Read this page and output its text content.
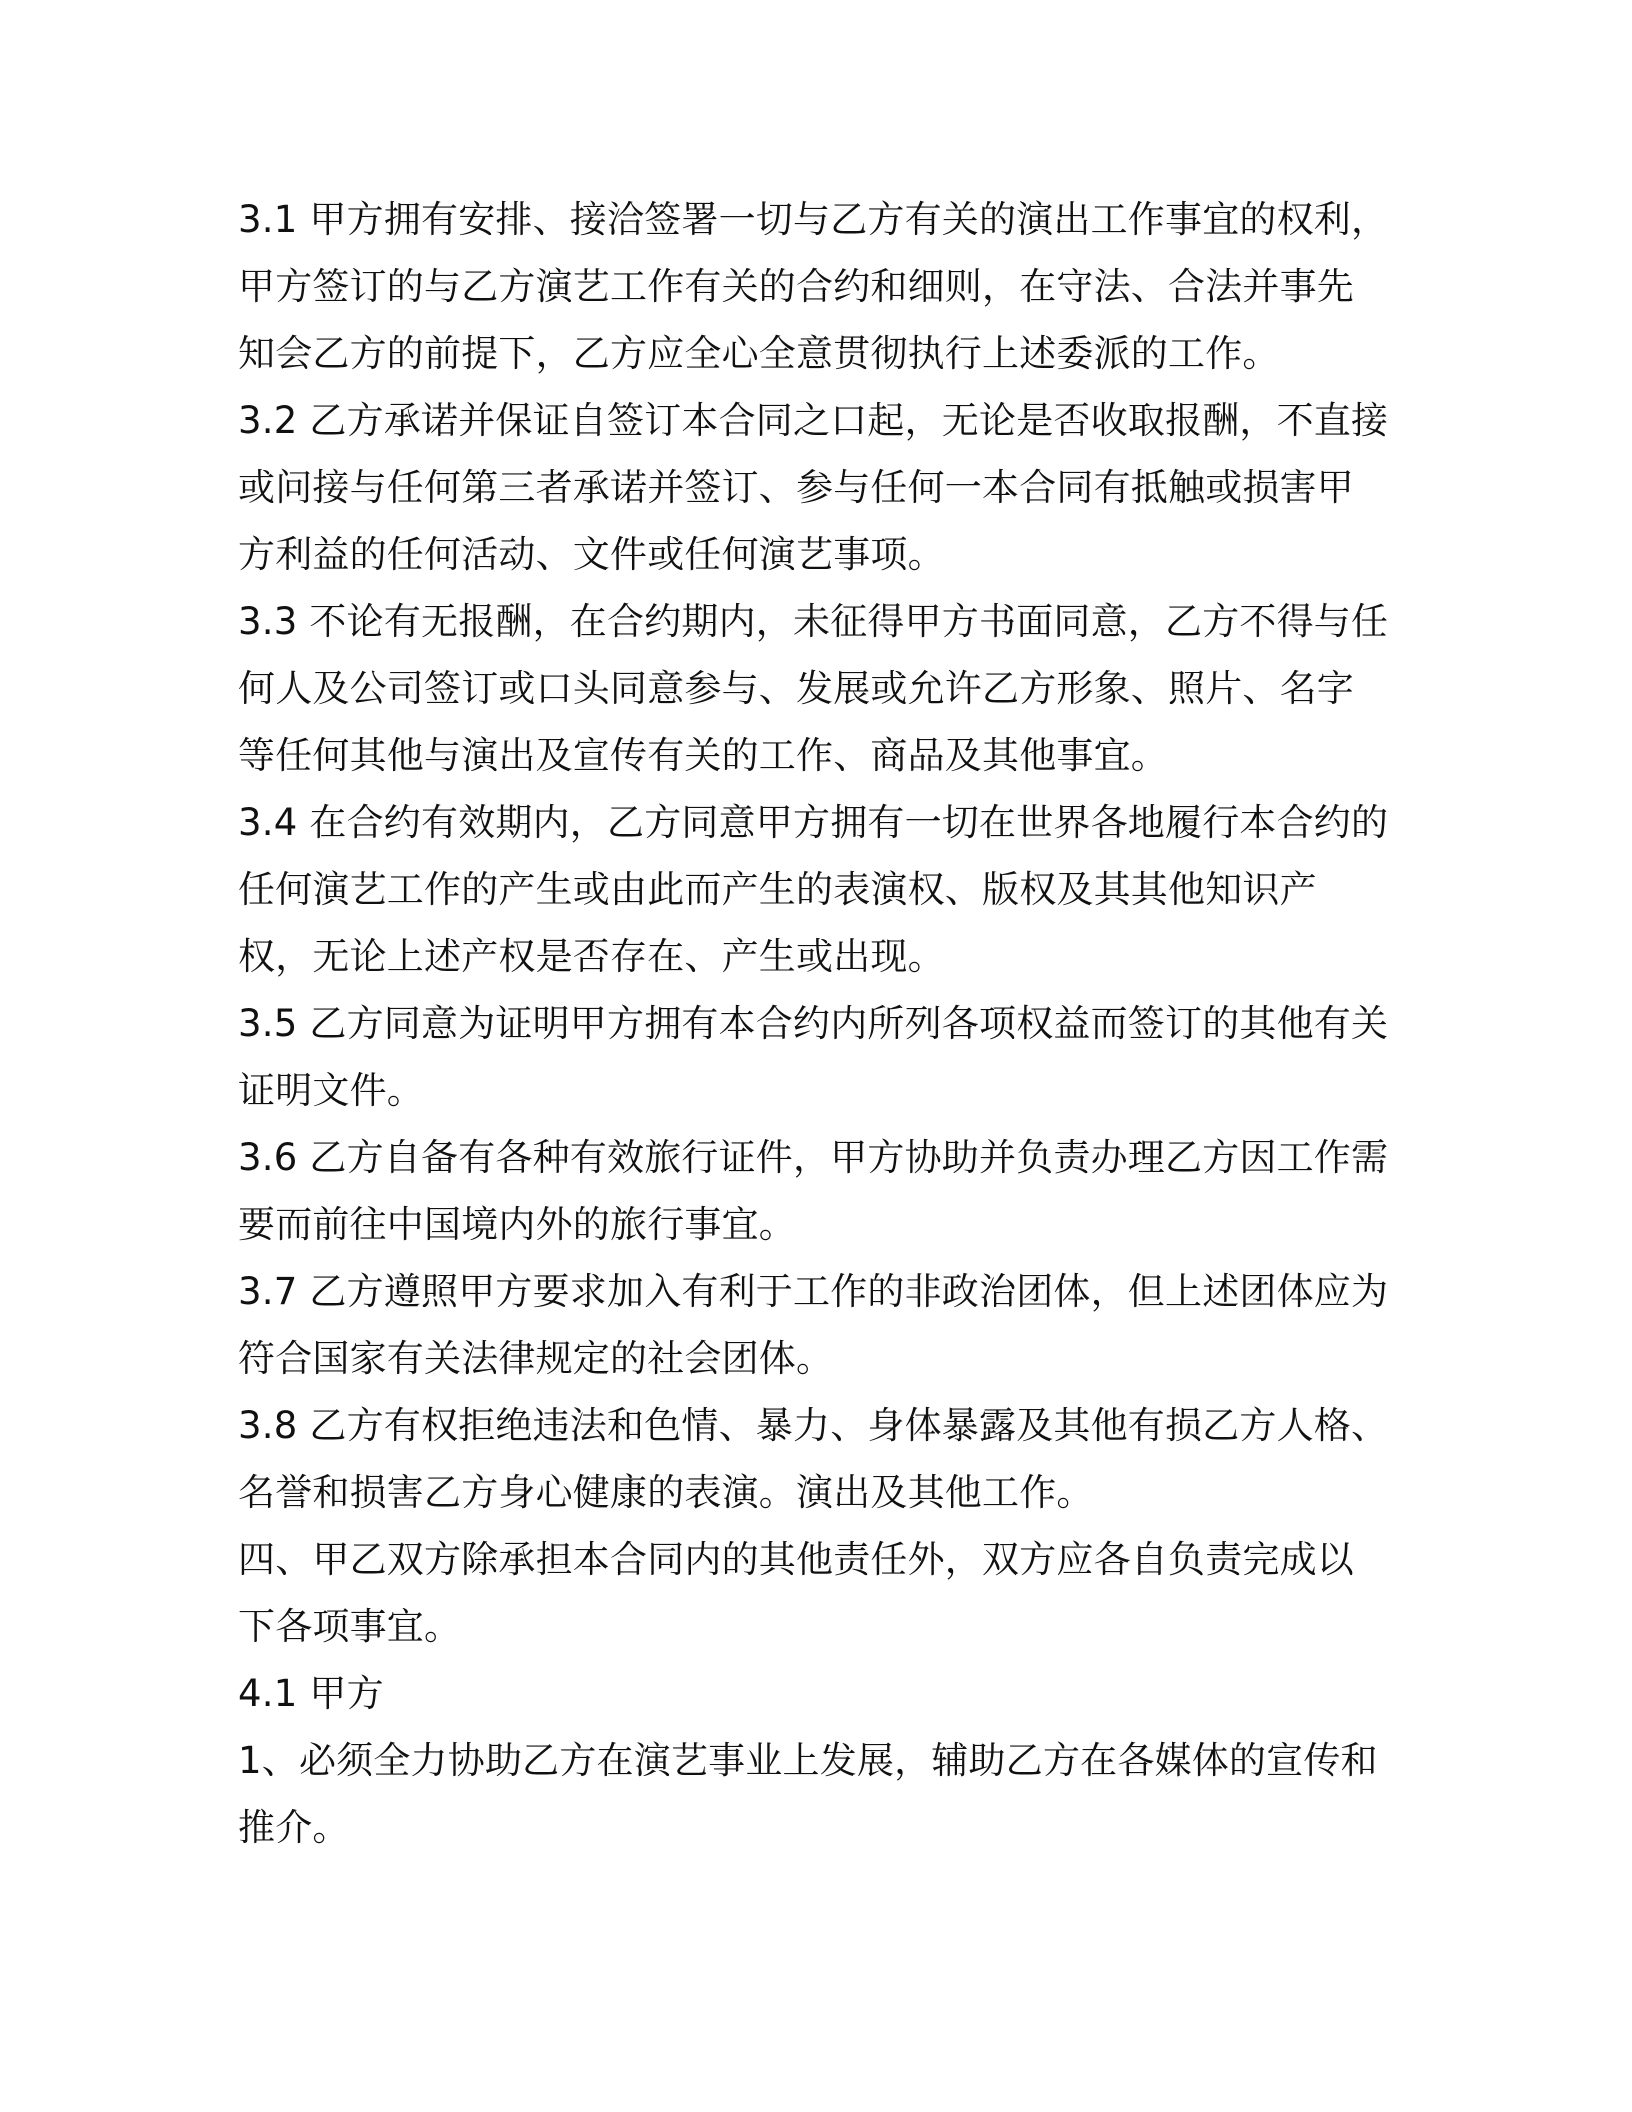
3.1 甲方拥有安排、接洽签署一切与乙方有关的演出工作事宜的权利，
甲方签订的与乙方演艺工作有关的合约和细则，在守法、合法并事先
知会乙方的前提下，乙方应全心全意贯彻执行上述委派的工作。
3.2 乙方承诺并保证自签订本合同之口起，无论是否收取报酬，不直接
或问接与任何第三者承诺并签订、参与任何一本合同有抵触或损害甲
方利益的任何活动、文件或任何演艺事项。
3.3 不论有无报酬，在合约期内，未征得甲方书面同意，乙方不得与任
何人及公司签订或口头同意参与、发展或允许乙方形象、照片、名字
等任何其他与演出及宣传有关的工作、商品及其他事宜。
3.4 在合约有效期内，乙方同意甲方拥有一切在世界各地履行本合约的
任何演艺工作的产生或由此而产生的表演权、版权及其其他知识产
权，无论上述产权是否存在、产生或出现。
3.5 乙方同意为证明甲方拥有本合约内所列各项权益而签订的其他有关
证明文件。
3.6 乙方自备有各种有效旅行证件，甲方协助并负责办理乙方因工作需
要而前往中国境内外的旅行事宜。
3.7 乙方遵照甲方要求加入有利于工作的非政治团体，但上述团体应为
符合国家有关法律规定的社会团体。
3.8 乙方有权拒绝违法和色情、暴力、身体暴露及其他有损乙方人格、
名誉和损害乙方身心健康的表演。演出及其他工作。
四、甲乙双方除承担本合同内的其他责任外，双方应各自负责完成以
下各项事宜。
4.1 甲方
1、必须全力协助乙方在演艺事业上发展，辅助乙方在各媒体的宣传和
推介。
